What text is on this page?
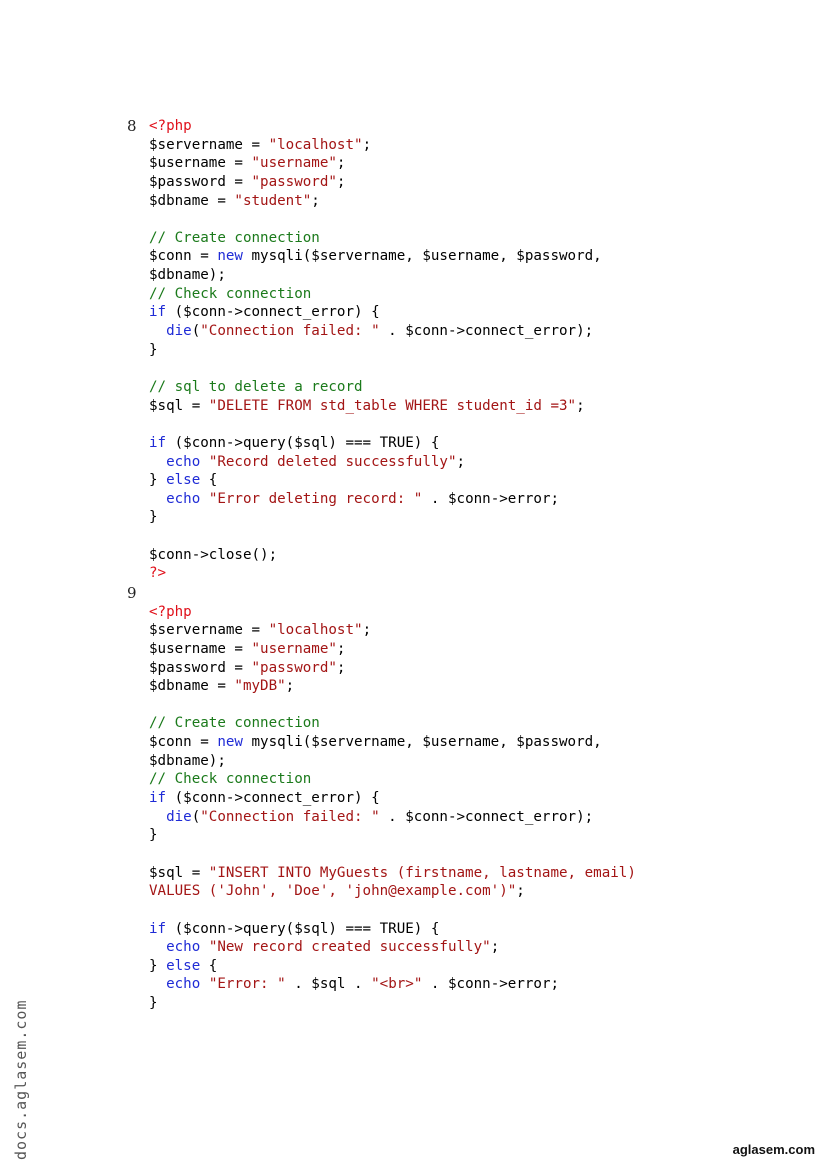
8 <?php
$servername = "localhost";
$username = "username";
$password = "password";
$dbname = "student";
// Create connection
$conn = new mysqli($servername, $username, $password,
$dbname);
// Check connection
if ($conn->connect_error) {
die("Connection failed: " . $conn->connect_error);
}
// sql to delete a record
$sql = "DELETE FROM std_table WHERE student_id =3";
if ($conn->query($sql) === TRUE) {
echo "Record deleted successfully";
} else {
echo "Error deleting record: " . $conn->error;
}
$conn->close();
?>
9
<?php
$servername = "localhost";
$username = "username";
$password = "password";
$dbname = "myDB";
// Create connection
$conn = new mysqli($servername, $username, $password,
$dbname);
// Check connection
if ($conn->connect_error) {
die("Connection failed: " . $conn->connect_error);
}
$sql = "INSERT INTO MyGuests (firstname, lastname, email)
VALUES ('John', 'Doe', 'john@example.com')";
if ($conn->query($sql) === TRUE) {
echo "New record created successfully";
} else {
echo "Error: " . $sql . "<br>" . $conn->error;
}
docs.aglasem.com	aglasem.com
